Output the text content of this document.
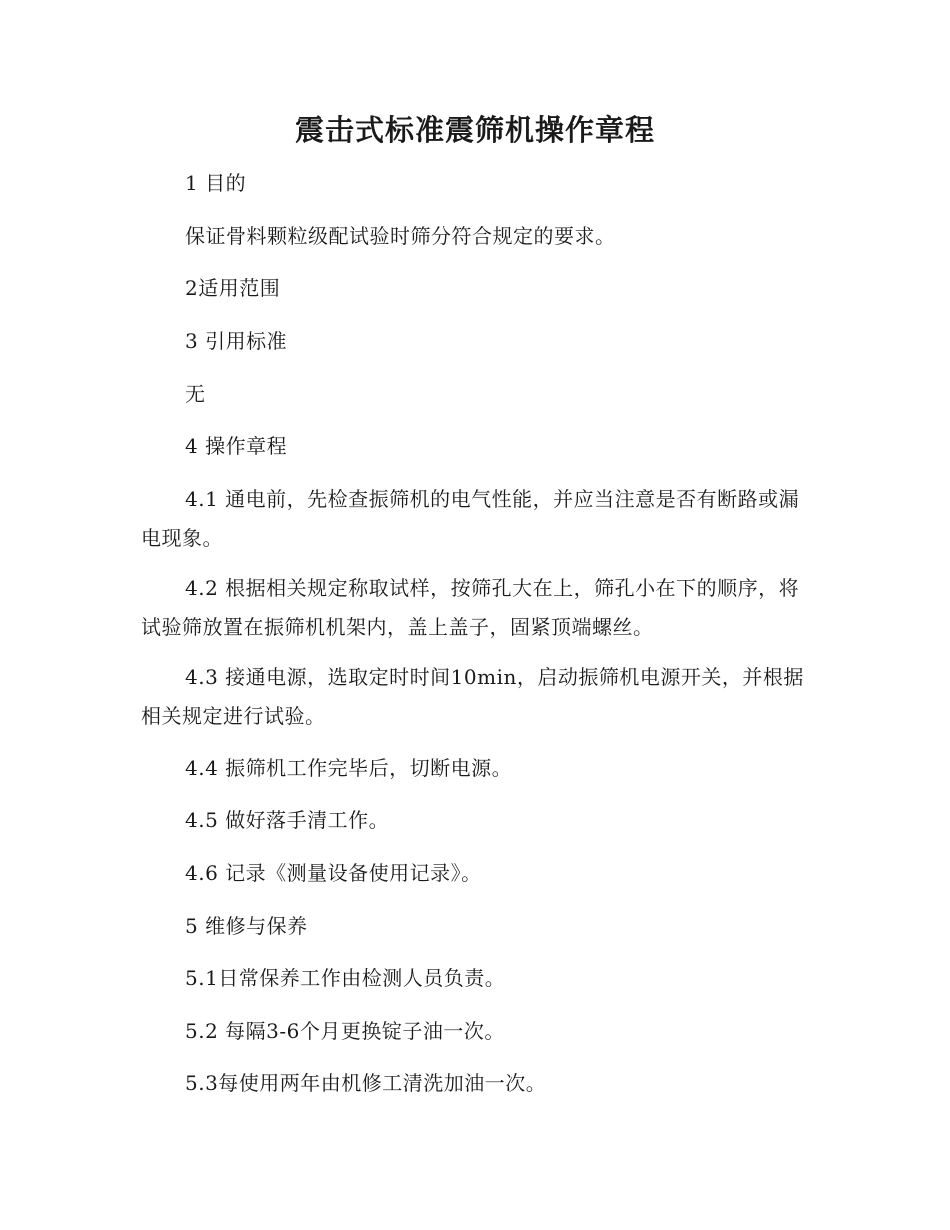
震击式标准震筛机操作章程
1 目的
保证骨料颗粒级配试验时筛分符合规定的要求。
2适用范围
3 引用标准
无
4 操作章程
4.1 通电前，先检查振筛机的电气性能，并应当注意是否有断路或漏电现象。
4.2 根据相关规定称取试样，按筛孔大在上，筛孔小在下的顺序，将试验筛放置在振筛机机架内，盖上盖子，固紧顶端螺丝。
4.3 接通电源，选取定时时间10min，启动振筛机电源开关，并根据相关规定进行试验。
4.4 振筛机工作完毕后，切断电源。
4.5 做好落手清工作。
4.6 记录《测量设备使用记录》。
5 维修与保养
5.1日常保养工作由检测人员负责。
5.2 每隔3-6个月更换锭子油一次。
5.3每使用两年由机修工清洗加油一次。
